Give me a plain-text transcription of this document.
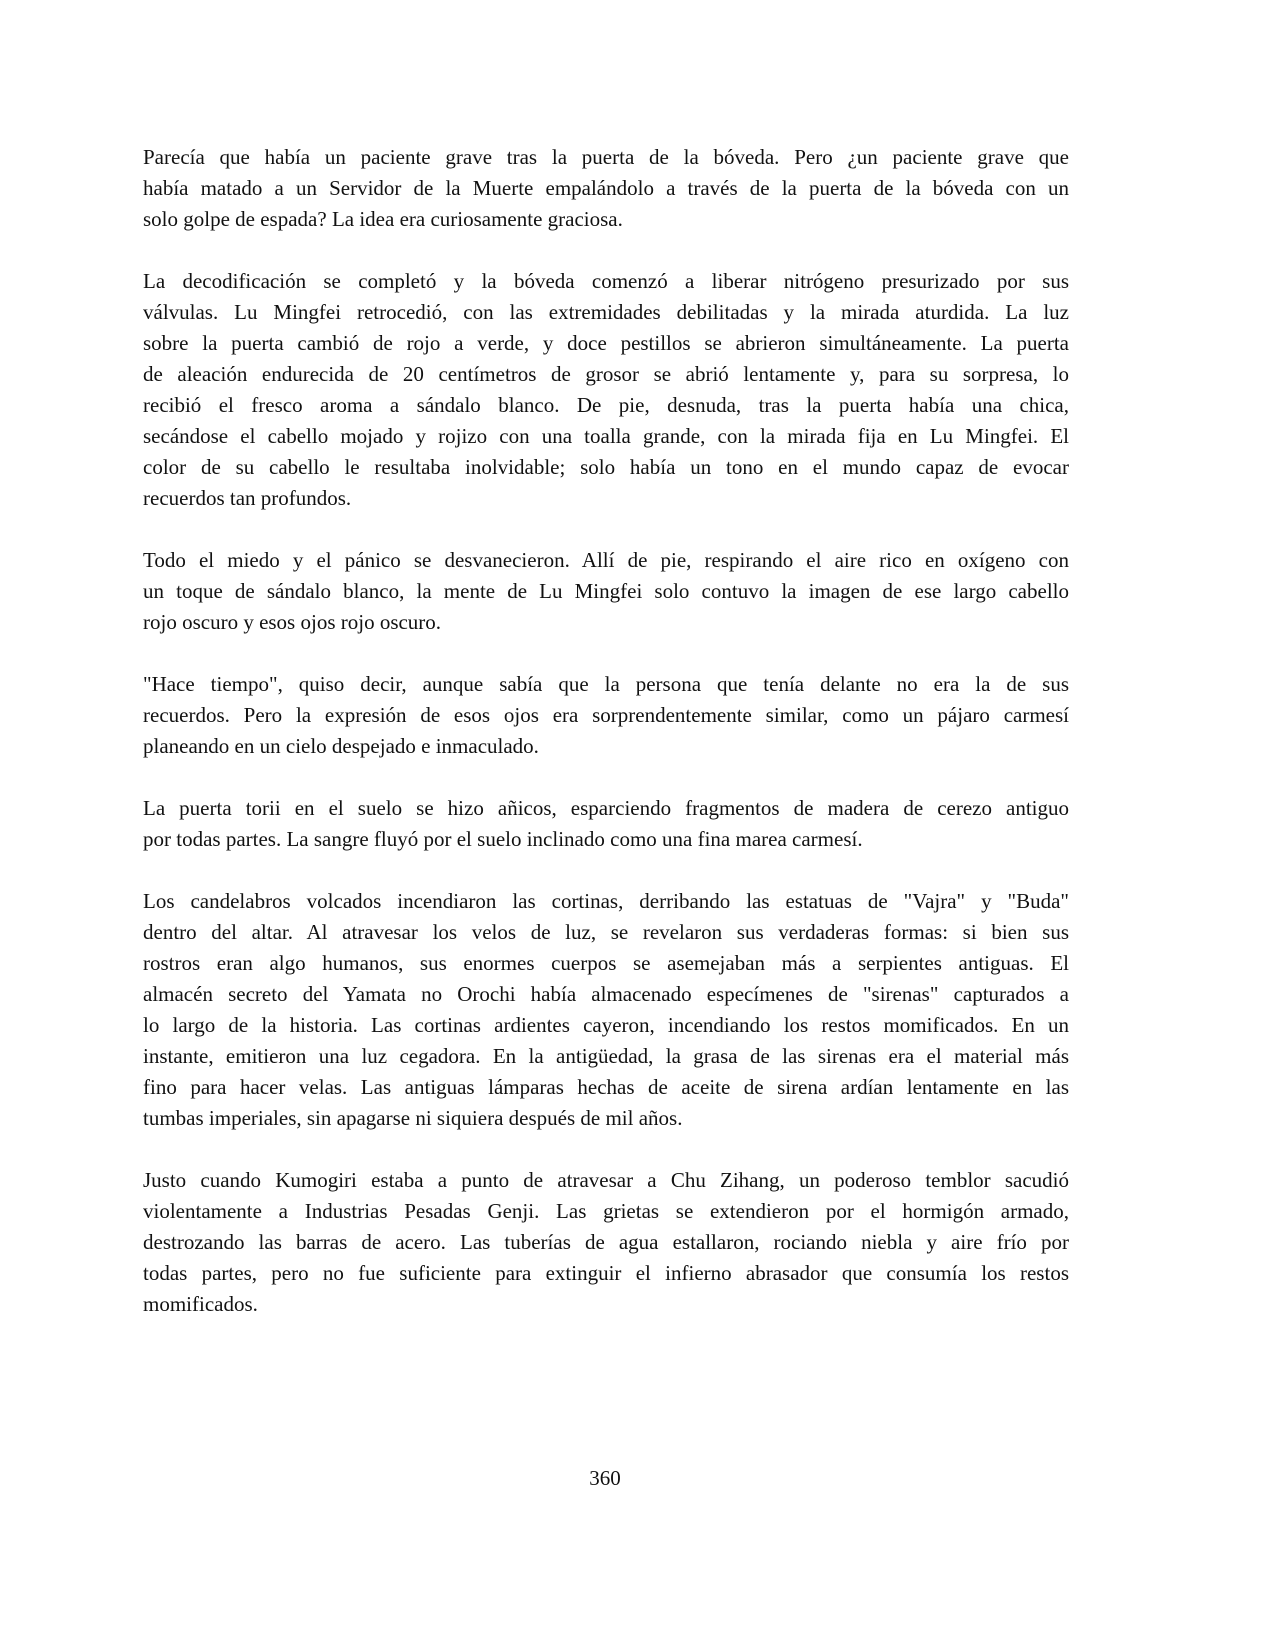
Parecía que había un paciente grave tras la puerta de la bóveda. Pero ¿un paciente grave que
había matado a un Servidor de la Muerte empalándolo a través de la puerta de la bóveda con un
solo golpe de espada? La idea era curiosamente graciosa.
La decodificación se completó y la bóveda comenzó a liberar nitrógeno presurizado por sus
válvulas. Lu Mingfei retrocedió, con las extremidades debilitadas y la mirada aturdida. La luz
sobre la puerta cambió de rojo a verde, y doce pestillos se abrieron simultáneamente. La puerta
de aleación endurecida de 20 centímetros de grosor se abrió lentamente y, para su sorpresa, lo
recibió el fresco aroma a sándalo blanco. De pie, desnuda, tras la puerta había una chica,
secándose el cabello mojado y rojizo con una toalla grande, con la mirada fija en Lu Mingfei. El
color de su cabello le resultaba inolvidable; solo había un tono en el mundo capaz de evocar
recuerdos tan profundos.
Todo el miedo y el pánico se desvanecieron. Allí de pie, respirando el aire rico en oxígeno con
un toque de sándalo blanco, la mente de Lu Mingfei solo contuvo la imagen de ese largo cabello
rojo oscuro y esos ojos rojo oscuro.
"Hace tiempo", quiso decir, aunque sabía que la persona que tenía delante no era la de sus
recuerdos. Pero la expresión de esos ojos era sorprendentemente similar, como un pájaro carmesí
planeando en un cielo despejado e inmaculado.
La puerta torii en el suelo se hizo añicos, esparciendo fragmentos de madera de cerezo antiguo
por todas partes. La sangre fluyó por el suelo inclinado como una fina marea carmesí.
Los candelabros volcados incendiaron las cortinas, derribando las estatuas de "Vajra" y "Buda"
dentro del altar. Al atravesar los velos de luz, se revelaron sus verdaderas formas: si bien sus
rostros eran algo humanos, sus enormes cuerpos se asemejaban más a serpientes antiguas. El
almacén secreto del Yamata no Orochi había almacenado especímenes de "sirenas" capturados a
lo largo de la historia. Las cortinas ardientes cayeron, incendiando los restos momificados. En un
instante, emitieron una luz cegadora. En la antigüedad, la grasa de las sirenas era el material más
fino para hacer velas. Las antiguas lámparas hechas de aceite de sirena ardían lentamente en las
tumbas imperiales, sin apagarse ni siquiera después de mil años.
Justo cuando Kumogiri estaba a punto de atravesar a Chu Zihang, un poderoso temblor sacudió
violentamente a Industrias Pesadas Genji. Las grietas se extendieron por el hormigón armado,
destrozando las barras de acero. Las tuberías de agua estallaron, rociando niebla y aire frío por
todas partes, pero no fue suficiente para extinguir el infierno abrasador que consumía los restos
momificados.
360
